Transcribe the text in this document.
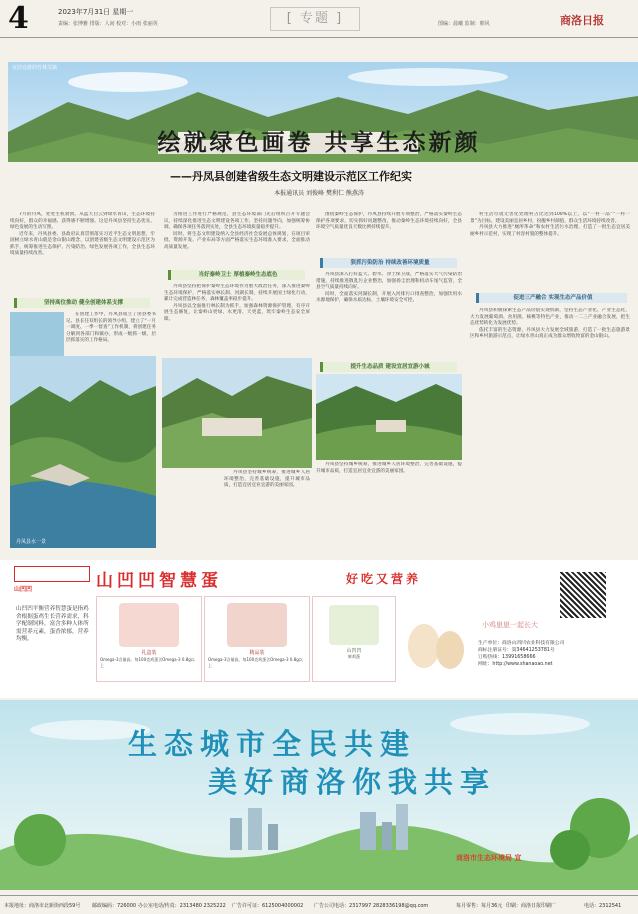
4	2023年7月31日 星期一
责编：张博雅 排版：人间 校对：小雨 张丽英	[ 专题 ]	图编：晨曦 监制：朝风	商洛日报
宜居宜游的竹林关镇
绘就绿色画卷 共享生态新颜
——丹凤县创建省级生态文明建设示范区工作纪实
本报通讯员 刘俊峰 樊利仁 熊燕涛

7月的丹凤，处处生机勃勃。从蓝天白云到绿水青山，生态环境持续向好，群众的幸福感、获得感不断增强。这是丹凤县坚持生态优先、绿色发展的生动写照。

近年来，丹凤县委、县政府认真贯彻落实习近平生态文明思想，牢固树立绿水青山就是金山银山理念，以创建省级生态文明建设示范区为抓手，统筹推进生态保护、污染防治、绿色发展各项工作，全县生态环境质量持续改善。

坚持高位推动 健全创建体系支撑

在创建工作中，丹凤县成立了由县委书记、县长任双组长的领导小组，建立了“一月一调度、一季一督查”工作机制，将创建任务分解到各部门和镇办，形成一级抓一级、层层抓落实的工作格局。

丹凤县水一景

为推进工作进行严格规范，县生态环境部门先后组织召开专题会议，持续深化推进生态文明建设各项工作，坚持问题导向，加强统筹协调，确保各项任务落到实处，全县生态环境质量稳步提升。

同时，将生态文明建设纳入全县经济社会发展总体规划，在项目审批、资源开发、产业布局等方面严格落实生态环境准入要求，全面推动高质量发展。

当好秦岭卫士 厚植秦岭生态底色

丹凤县坚持把保护秦岭生态环境作为重大政治任务，深入推进秦岭生态环境保护，严格落实林长制、河湖长制，持续开展国土绿化行动，累计完成营造林任务，森林覆盖率稳步提升。

丹凤县以全面推行林长制为抓手，加强森林资源保护管理，有序开展生态修复，让秦岭山更绿、水更清、天更蓝，筑牢秦岭生态安全屏障。

丹凤县坚持城乡统筹，推进城乡人居环境整治，完善基础设施，提升城市品质，打造宜居宜业宜游的美丽家园。

围绕秦岭生态保护，丹凤县持续开展专项整治，严格落实秦岭生态保护各项要求，切实抓好问题整改，推动秦岭生态环境持续向好，全县环境空气质量优良天数比例持续提升。

狠抓污染防治 持续改善环境质量

丹凤县深入打好蓝天、碧水、净土保卫战，严格落实大气污染防治措施，持续推进散乱污企业整治，加强扬尘治理和机动车尾气监管，全县空气质量持续向好。

同时，全面落实河湖长制，开展入河排污口排查整治，加强饮用水水源地保护，确保水质达标，土壤环境安全可控。

提升生态品质 建设宜居宜游小城

丹凤县坚持城乡统筹，推进城乡人居环境整治，完善基础设施，提升城市品质，打造宜居宜业宜游的美丽家园。

村生活垃圾无害化处理村占比达到100%以上，以“一村一品”“一村一景”为目标，建设美丽宜居乡村，扮靓乡村颜值，群众生活环境持续改善。

丹凤县大力推进“厕所革命”和农村生活污水治理，打造了一批生态宜居美丽乡村示范村，实现了村容村貌的整体提升。

促进三产融合 实现生态产品价值

丹凤县积极探索生态产品价值实现机制，坚持生态产业化、产业生态化，大力发展葡萄酒、食用菌、核桃等特色产业，推动一二三产业融合发展，把生态优势转化为发展优势。

依托丰富的生态资源，丹凤县大力发展全域旅游，打造了一批生态旅游景区和乡村旅游示范点，让绿水青山真正成为群众增收致富的金山银山。

山凹凹	山凹凹智慧蛋	好吃又营养
山凹凹平衡营养智慧蛋是指鸡舍根据蛋鸡生长营养需求，科学配制饲料，富含多种人体所需营养元素，蛋香浓郁，营养均衡。
礼盒装
Omega-3含量高，每100克鸡蛋含Omega-3 0.8g以上
精品装
Omega-3含量高，每100克鸡蛋含Omega-3 0.8g以上
山凹凹
鲜鸡蛋
小鸡崽崽一起长大
生产单位：商洛山凹凹农业科技有限公司
商标注册证号：第34641253781号
订购热线：13991658666
网址：http://www.shanaoao.net
生态城市全民共建
美好商洛你我共享
商洛市生态环境局 宣
本报地址：商洛市北新街西段59号 邮政编码：726000 办公室电话/传真：2313480 2325222 广告许可证：6125004000002 广告公司电话：2317997 2828336198@qq.com	每月零售：每月36元 印刷：商洛日报印刷厂	电话：2312541
